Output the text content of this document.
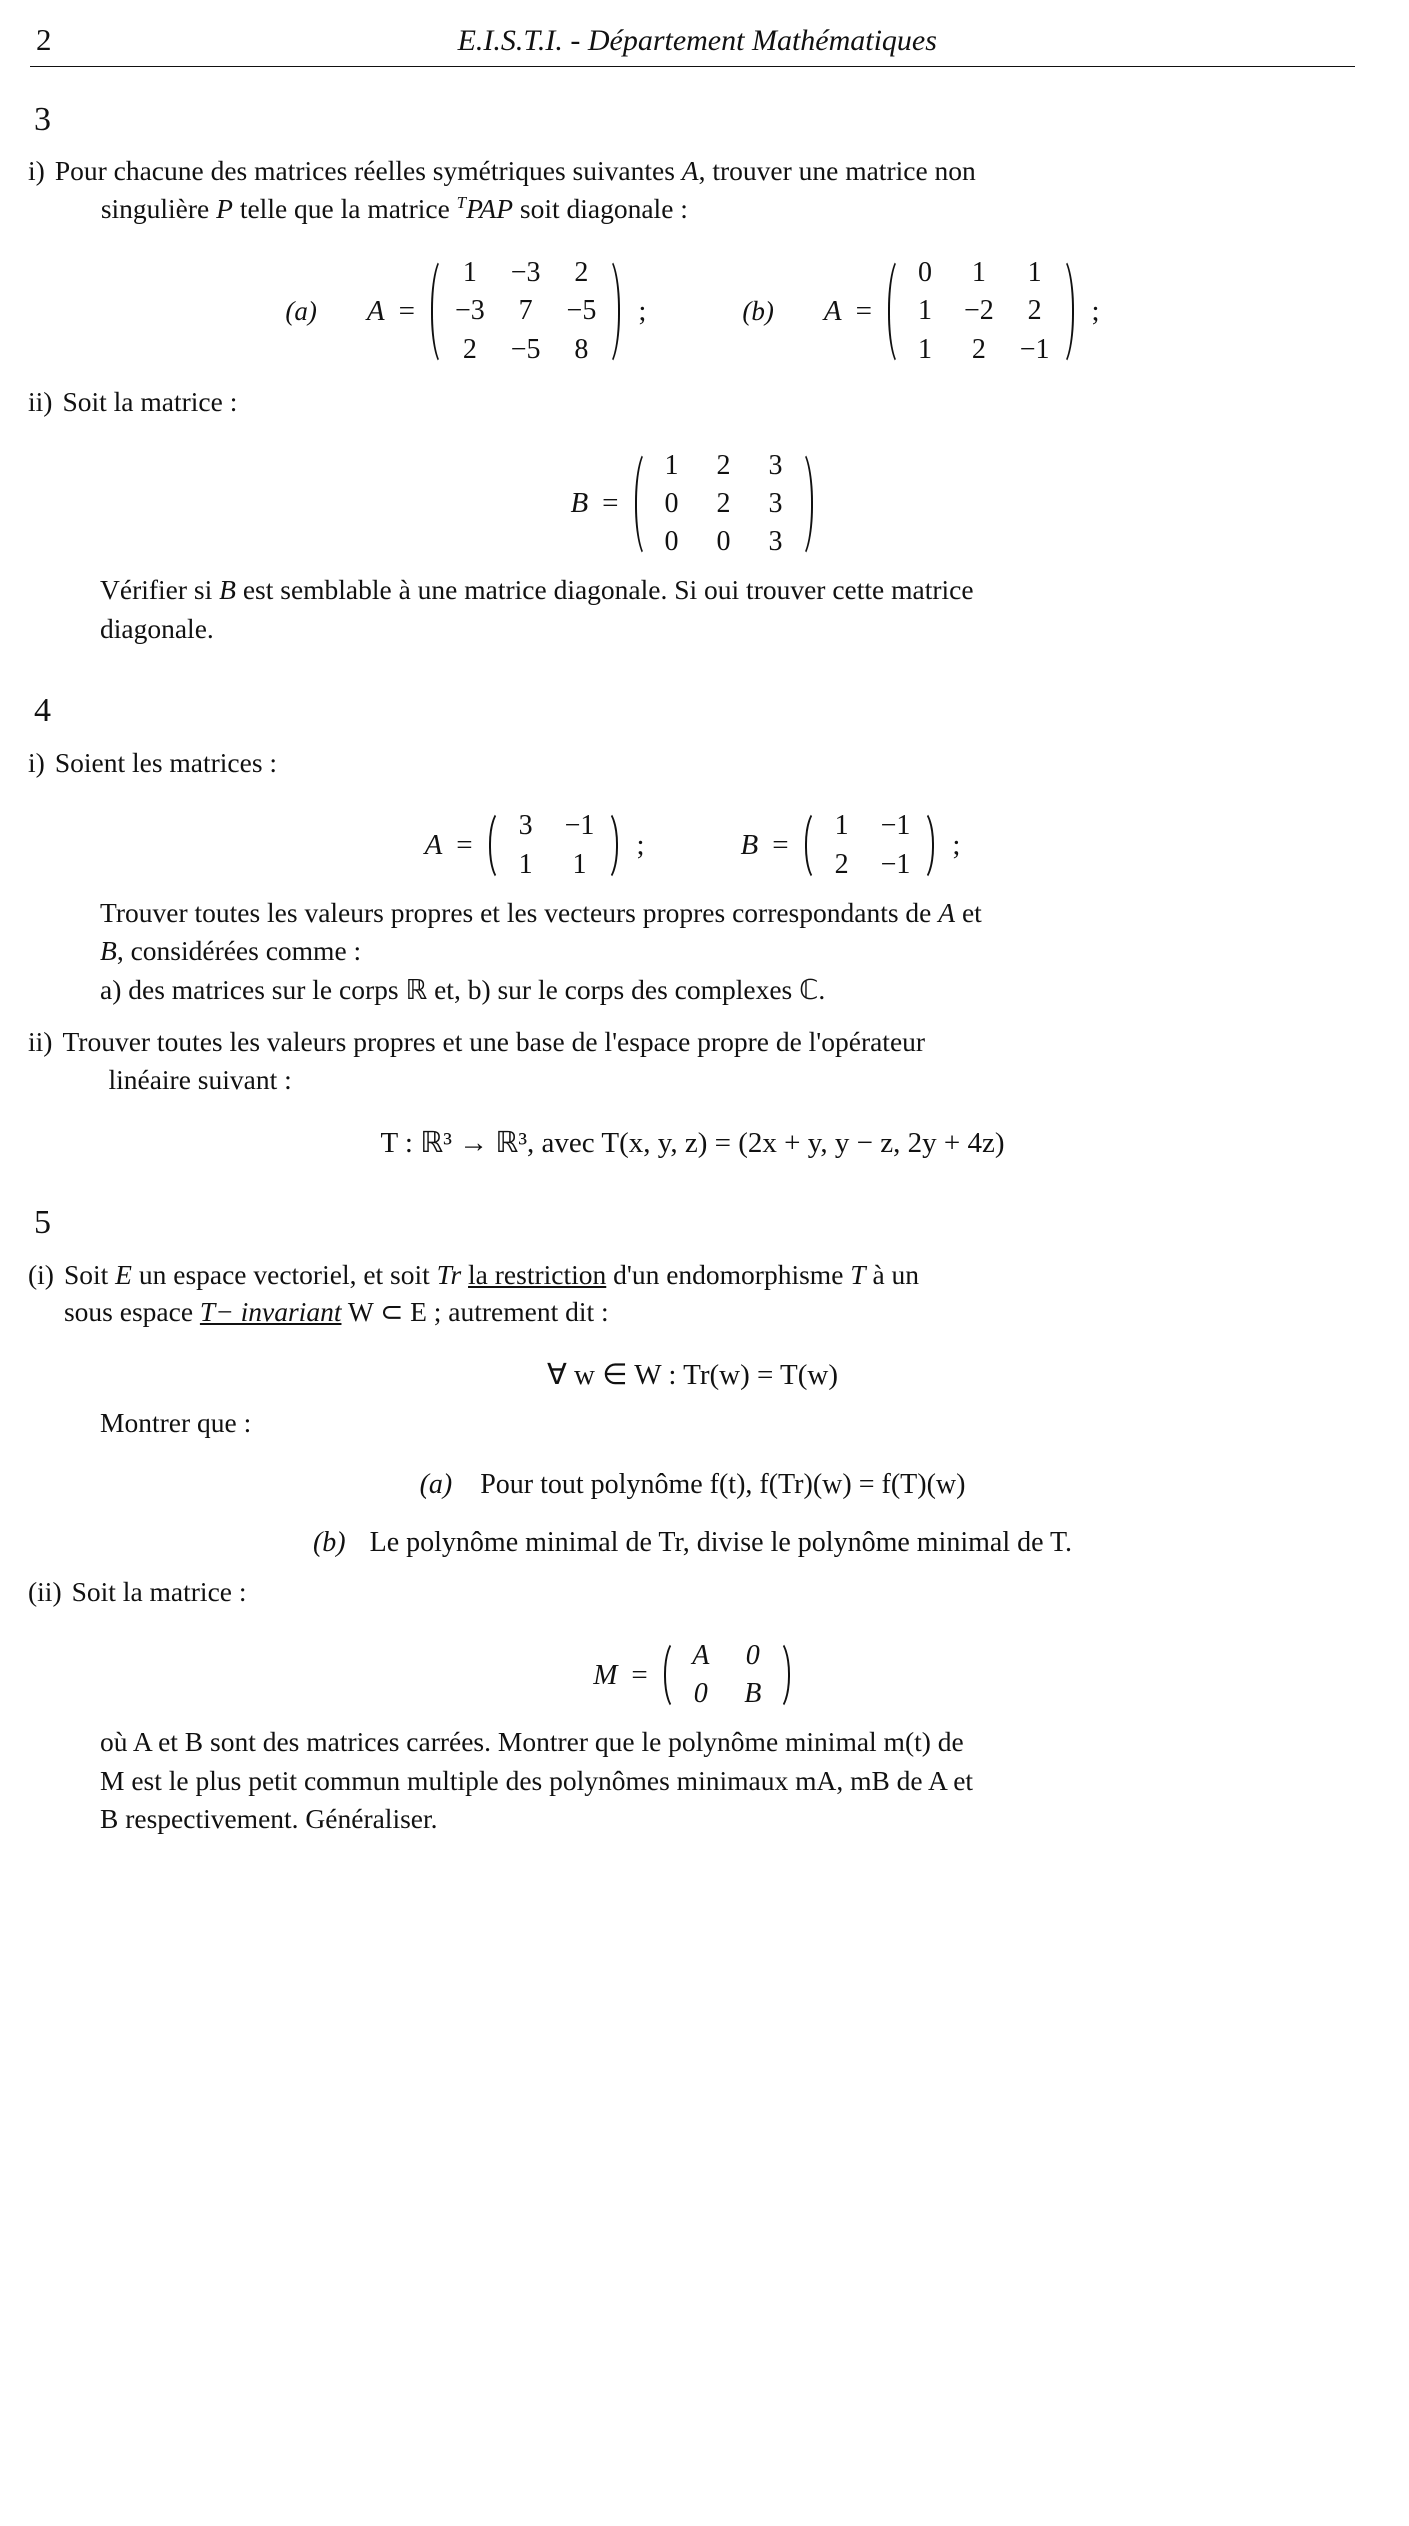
2	E.I.S.T.I. - Département Mathématiques
3
i) Pour chacune des matrices réelles symétriques suivantes A, trouver une matrice non
singulière P telle que la matrice $^T$PAP soit diagonale :
(a) A =
1 −3 2
−3 7 −5
2 −5 8
;	(b) A =
0 1 1
1 −2 2
1 2 −1
;
ii) Soit la matrice :
B =
1 2 3
0 2 3
0 0 3
Vérifier si B est semblable à une matrice diagonale. Si oui trouver cette matrice
diagonale.
4
i) Soient les matrices :
A =
3 −1
1 1
;	B =
1 −1
2 −1
;
Trouver toutes les valeurs propres et les vecteurs propres correspondants de A et
B, considérées comme :
a) des matrices sur le corps ℝ et, b) sur le corps des complexes ℂ.
ii) Trouver toutes les valeurs propres et une base de l'espace propre de l'opérateur
linéaire suivant :
T : ℝ³ → ℝ³, avec T(x, y, z) = (2x + y, y − z, 2y + 4z)
5
(i) Soit E un espace vectoriel, et soit Tr la restriction d'un endomorphisme T à un
sous espace T− invariant W ⊂ E ; autrement dit :
∀ w ∈ W : Tr(w) = T(w)
Montrer que :
(a) Pour tout polynôme f(t), f(Tr)(w) = f(T)(w)
(b) Le polynôme minimal de Tr, divise le polynôme minimal de T.
(ii) Soit la matrice :
M =
A 0
0 B
où A et B sont des matrices carrées. Montrer que le polynôme minimal m(t) de
M est le plus petit commun multiple des polynômes minimaux mA, mB de A et
B respectivement. Généraliser.
